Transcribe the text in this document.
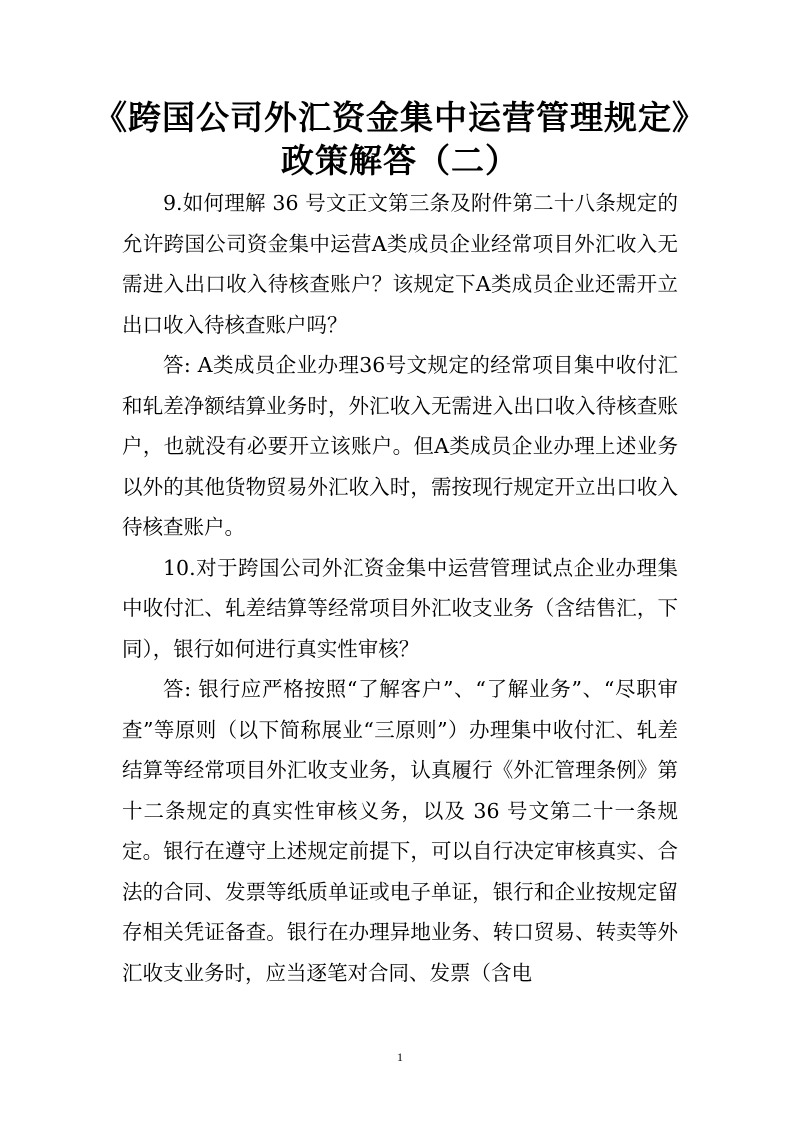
《跨国公司外汇资金集中运营管理规定》
政策解答（二）

9.如何理解 36 号文正文第三条及附件第二十八条规定的允许跨国公司资金集中运营A类成员企业经常项目外汇收入无需进入出口收入待核查账户？该规定下A类成员企业还需开立出口收入待核查账户吗？

答: A类成员企业办理36号文规定的经常项目集中收付汇和轧差净额结算业务时，外汇收入无需进入出口收入待核查账户，也就没有必要开立该账户。但A类成员企业办理上述业务以外的其他货物贸易外汇收入时，需按现行规定开立出口收入待核查账户。

10.对于跨国公司外汇资金集中运营管理试点企业办理集中收付汇、轧差结算等经常项目外汇收支业务（含结售汇，下同），银行如何进行真实性审核？

答: 银行应严格按照“了解客户”、“了解业务”、“尽职审查”等原则（以下简称展业“三原则”）办理集中收付汇、轧差结算等经常项目外汇收支业务，认真履行《外汇管理条例》第十二条规定的真实性审核义务，以及 36 号文第二十一条规定。银行在遵守上述规定前提下，可以自行决定审核真实、合法的合同、发票等纸质单证或电子单证，银行和企业按规定留存相关凭证备查。银行在办理异地业务、转口贸易、转卖等外汇收支业务时，应当逐笔对合同、发票（含电

1
